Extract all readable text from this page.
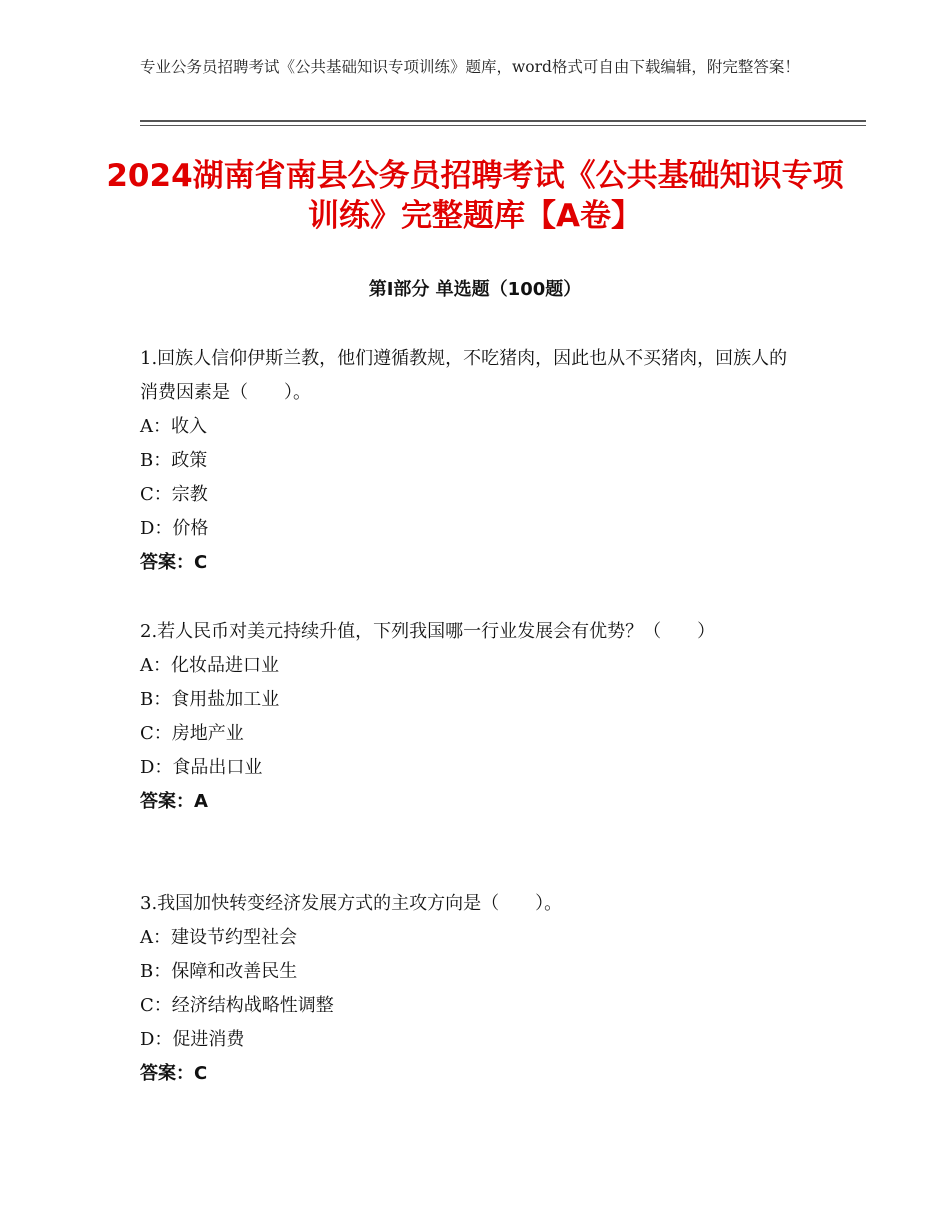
专业公务员招聘考试《公共基础知识专项训练》题库，word格式可自由下载编辑，附完整答案！
2024湖南省南县公务员招聘考试《公共基础知识专项训练》完整题库【A卷】
第Ⅰ部分 单选题（100题）
1.回族人信仰伊斯兰教，他们遵循教规，不吃猪肉，因此也从不买猪肉，回族人的消费因素是（　　）。
A：收入
B：政策
C：宗教
D：价格
答案：C
2.若人民币对美元持续升值，下列我国哪一行业发展会有优势？（　　）
A：化妆品进口业
B：食用盐加工业
C：房地产业
D：食品出口业
答案：A
3.我国加快转变经济发展方式的主攻方向是（　　）。
A：建设节约型社会
B：保障和改善民生
C：经济结构战略性调整
D：促进消费
答案：C
